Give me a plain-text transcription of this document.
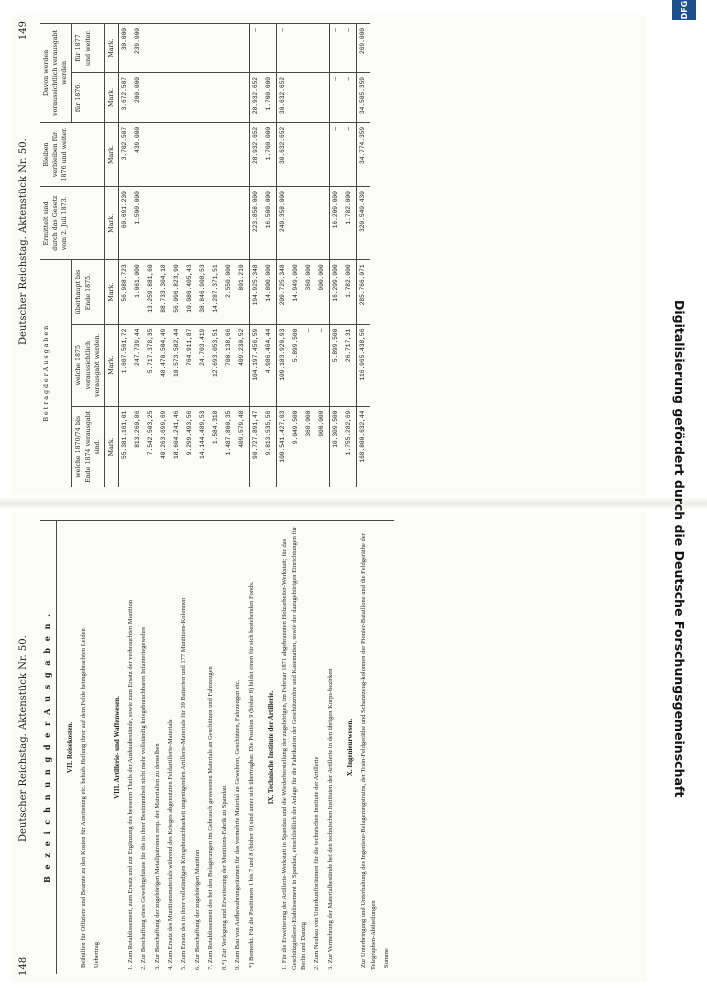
148
Deutscher Reichstag. Aktenstück Nr. 50. B e z e i c h n u n g d e r A u s g a b e n .
VII. Reisekosten.
Beihülfen für Offiziere und Beamte zu den Kosten für Ausrüstung etc. behufs Heilung ihrer auf dem Felde heimgebrachten Leiden
Uebertrag
VIII. Artillerie- und Waffenwesen.
1.Zum Retablissement, zum Ersatz und zur Ergänzung des besseren Theils der Ausbaubestände, sowie zum Ersatz der verbrauchten Munition
2.Zur Beschaffung eines Gewehrgehäuse für die in ihrer Bestimmtheit nicht mehr vollständig kriegsbrauchbaren Infanteriegewehre
3.Zur Beschaffung der zugehörigen Metallpatronen resp. der Materialien zu denselben
4.Zum Ersatz des Munitionsmaterials während des Krieges abgenutzten Feldartillerie-Materials
5.Zum Ersatz des in ihrer vollständigen Kriegsbrauchbarkeit ungenügenden Artillerie-Materials für 39 Batterien und 177 Munitions-Kolonnen
6.Zur Beschaffung der zugehörigen Munition
7.Zum Retablissement des bei den Belagerungen im Gebrauch gewesenen Materials an Geschützen und Fahrzeugen
8.*)Zur Verlegung und Erweiterung der Munitions-Fabrik zu Spandau
9.Zum Bau von Aufbewahrungsräumen für das vermehrte Material an Gewehren, Geschützen, Fahrzeugen etc.
*) Bemerkt. Für die Positionen 1 bis 7 und 8 (bisher 9) sind unter sich übertragbar. Die Position 9 (bisher 8) bildet einen für sich bestehenden Fonds.
IX. Technische Institute der Artillerie.
1.Für die Erweiterung der Artillerie-Werkstatt in Spandau und die Wiederherstellung der zugehörigen, im Februar 1871 abgebrannten Holzarbeiter-Werkstatt; für das Geschützgießerei-Etablissement in Spandau, einschließlich der Anlage für die Fabrikation der Geschützrohre und Kasematten, sowie der dazugehörigen Einrichtungen für Berlin und Danzig
2.Zum Neubau von Unterkunftsräumen für die technischen Institute der Artillerie
3.Zur Vermehrung der Materialbestände bei den technischen Instituten der Artillerie in den übrigen Korps-bezirken
X. Ingenieurwesen.
Zur Unterbringung und Unterhaltung des Ingenieur-Belagerungstrains, der Train-Feldgeräthe und Schanzzeug-kolonnen der Pionier-Bataillone und die Feldgeräthe der Telegraphen-Abtheilungen
Summe
Deutscher Reichstag. Aktenstück Nr. 50.
149
B e t r a g d e r A u s g a b e n			Ermittelt sind durch das Gesetz vom 2. Juli 1873.	Bleiben verbleiben für 1876 und weiter.	Davon werden voraussichtlich verausgabt werden	
welche 1870/74 bis Ende 1874 verausgabt sind.	welche 1875 voraussichtlich verausgabt werden.	überhaupt bis Ende 1875.			für 1876.	für 1877 und weiter.
Mark.	Mark.	Mark.	Mark.	Mark.	Mark.	Mark.
55.381.161,01	1.607.561,72	56.988.723	60.691.230	3.702.507	3.672.507	30.000
813.260,86	247.739,44	1.061.000	1.500.000	439.000	200.000	239.000
7.542.503,25	5.717.378,35	13.259.881,60				
40.263.699,69	48.470.504,49	88.733.304,18				
18.604.241,46	10.573.582,44	56.096.823,90				
9.299.493,56	764.911,87	10.086.405,43				
14.144.489,53	24.703.419	38.846.908,53				
1.584.318	12.693.053,51	14.287.371,51				
1.487.800,35	700.138,66	2.550.000				
409.579,48	409.230,52	801.210				
90.727.891,47	104.197.456,59	194.925.348	223.858.000	28.932.652	28.932.652	—
9.813.535,56	4.986.464,44	14.800.000	16.500.000	1.700.000	1.700.000	
100.541.427,03	109.183.920,93	209.725.348	240.358.000	30.632.652	30.632.652	—
9.049.500	5.899.500	14.949.000				
360.000	—	360.000				
900.000	—	900.000				
10.309.500	5.899.500	16.209.000	16.209.000	—	—	—
1.755.282,69	26.717,31	1.782.000	1.782.000	—	—	—
168.800.632,44	116.965.438,56	285.766.071	320.540.430	34.774.359	34.505.359	269.000
DFG
Digitalisierung gefördert durch die Deutsche Forschungsgemeinschaft
